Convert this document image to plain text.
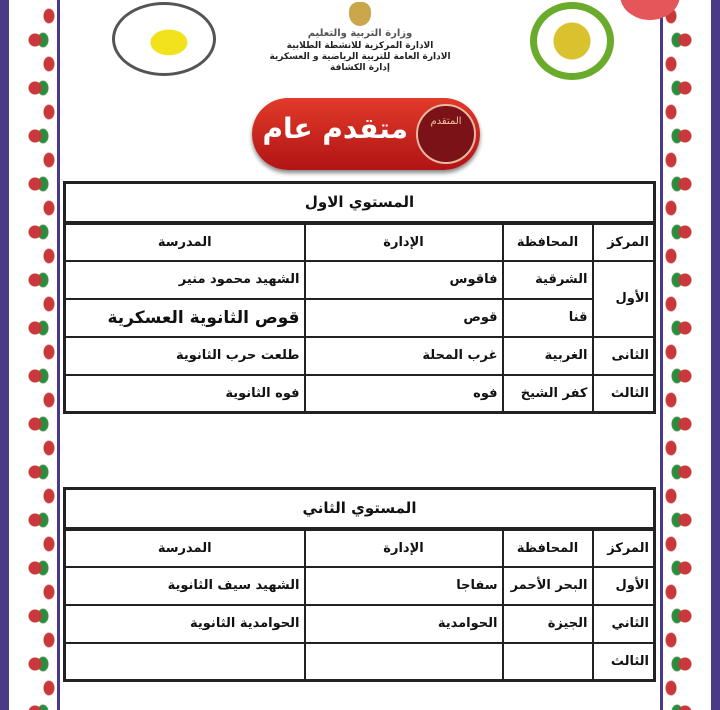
وزارة التربية والتعليم
الادارة المركزية للانشطة الطلابية
الادارة العامة للتربية الرياضية و العسكرية
إدارة الكشافة
المتقدم
متقدم عام
المستوي الاول			
المركز	المحافظة	الإدارة	المدرسة
الأول	الشرقية	فاقوس	الشهيد محمود منير
	قنا	قوص	قوص الثانوية العسكرية
الثانى	الغربية	غرب المحلة	طلعت حرب الثانوية
الثالث	كفر الشيخ	فوه	فوه الثانوية
المستوي الثاني			
المركز	المحافظة	الإدارة	المدرسة
الأول	البحر الأحمر	سفاجا	الشهيد سيف الثانوية
الثاني	الجيزة	الحوامدية	الحوامدية الثانوية
الثالث			
